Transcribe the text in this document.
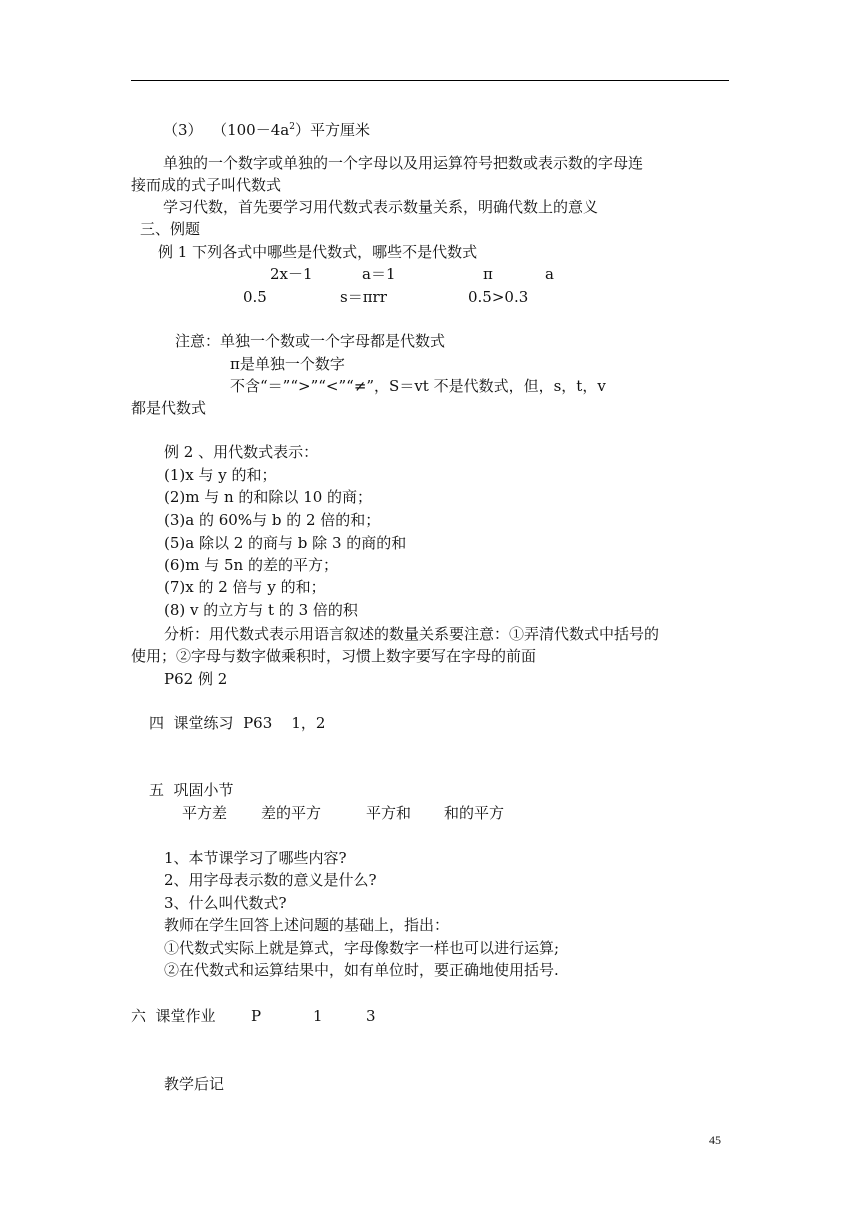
（3）  $(100-4a^2)$平方厘米
单独的一个数字或单独的一个字母以及用运算符号把数或表示数的字母连
接而成的式子叫代数式
学习代数，首先要学习用代数式表示数量关系，明确代数上的意义
三、例题
例 1 下列各式中哪些是代数式，哪些不是代数式
2x－1	a＝1	π	a
0.5	s＝πrr	0.5>0.3
注意：单独一个数或一个字母都是代数式
π是单独一个数字
不含“＝”“>”“<”“≠”，S＝vt 不是代数式，但，s，t，v
都是代数式
例 2 、用代数式表示：
(1)x 与 y 的和；
(2)m 与 n 的和除以 10 的商；
(3)a 的 60%与 b 的 2 倍的和；
(5)a 除以 2 的商与 b 除 3 的商的和
(6)m 与 5n 的差的平方；
(7)x 的 2 倍与 y 的和；
(8) v 的立方与 t 的 3 倍的积
分析：用代数式表示用语言叙述的数量关系要注意：①弄清代数式中括号的
使用；②字母与数字做乘积时，习惯上数字要写在字母的前面
P62 例 2
四  课堂练习  P63    1，2
五  巩固小节
平方差 差的平方	平方和 和的平方
1、本节课学习了哪些内容?
2、用字母表示数的意义是什么?
3、什么叫代数式?
教师在学生回答上述问题的基础上，指出：
①代数式实际上就是算式，字母像数字一样也可以进行运算;
②在代数式和运算结果中，如有单位时，要正确地使用括号.
六  课堂作业 P	1	3
教学后记
45
